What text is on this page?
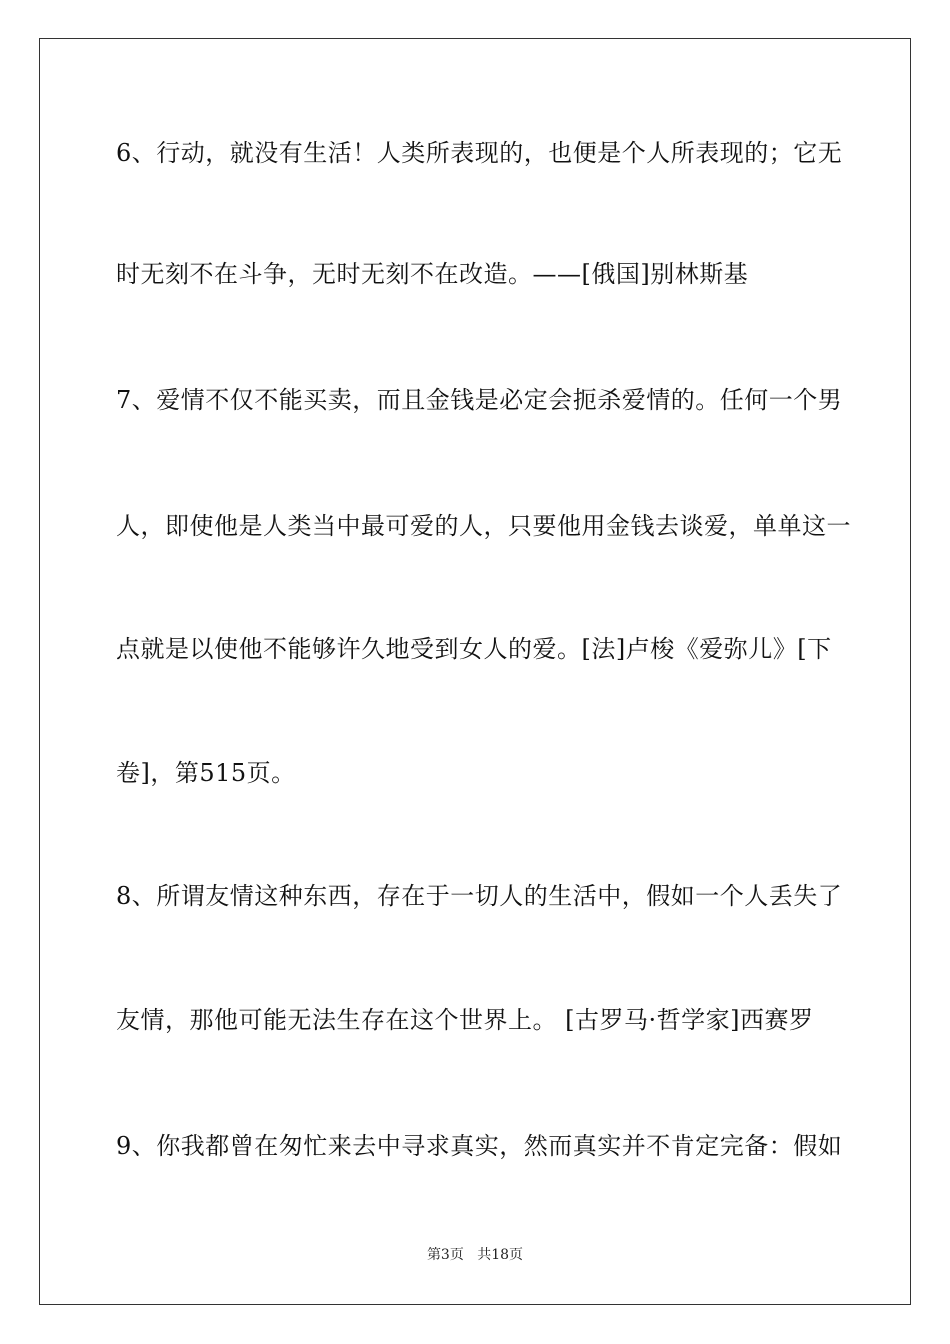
6、行动，就没有生活！人类所表现的，也便是个人所表现的；它无
时无刻不在斗争，无时无刻不在改造。——[俄国]别林斯基
7、爱情不仅不能买卖，而且金钱是必定会扼杀爱情的。任何一个男
人，即使他是人类当中最可爱的人，只要他用金钱去谈爱，单单这一
点就是以使他不能够许久地受到女人的爱。[法]卢梭《爱弥儿》[下
卷]，第515页。
8、所谓友情这种东西，存在于一切人的生活中，假如一个人丢失了
友情，那他可能无法生存在这个世界上。 [古罗马·哲学家]西赛罗
9、你我都曾在匆忙来去中寻求真实，然而真实并不肯定完备：假如
第3页 共18页
